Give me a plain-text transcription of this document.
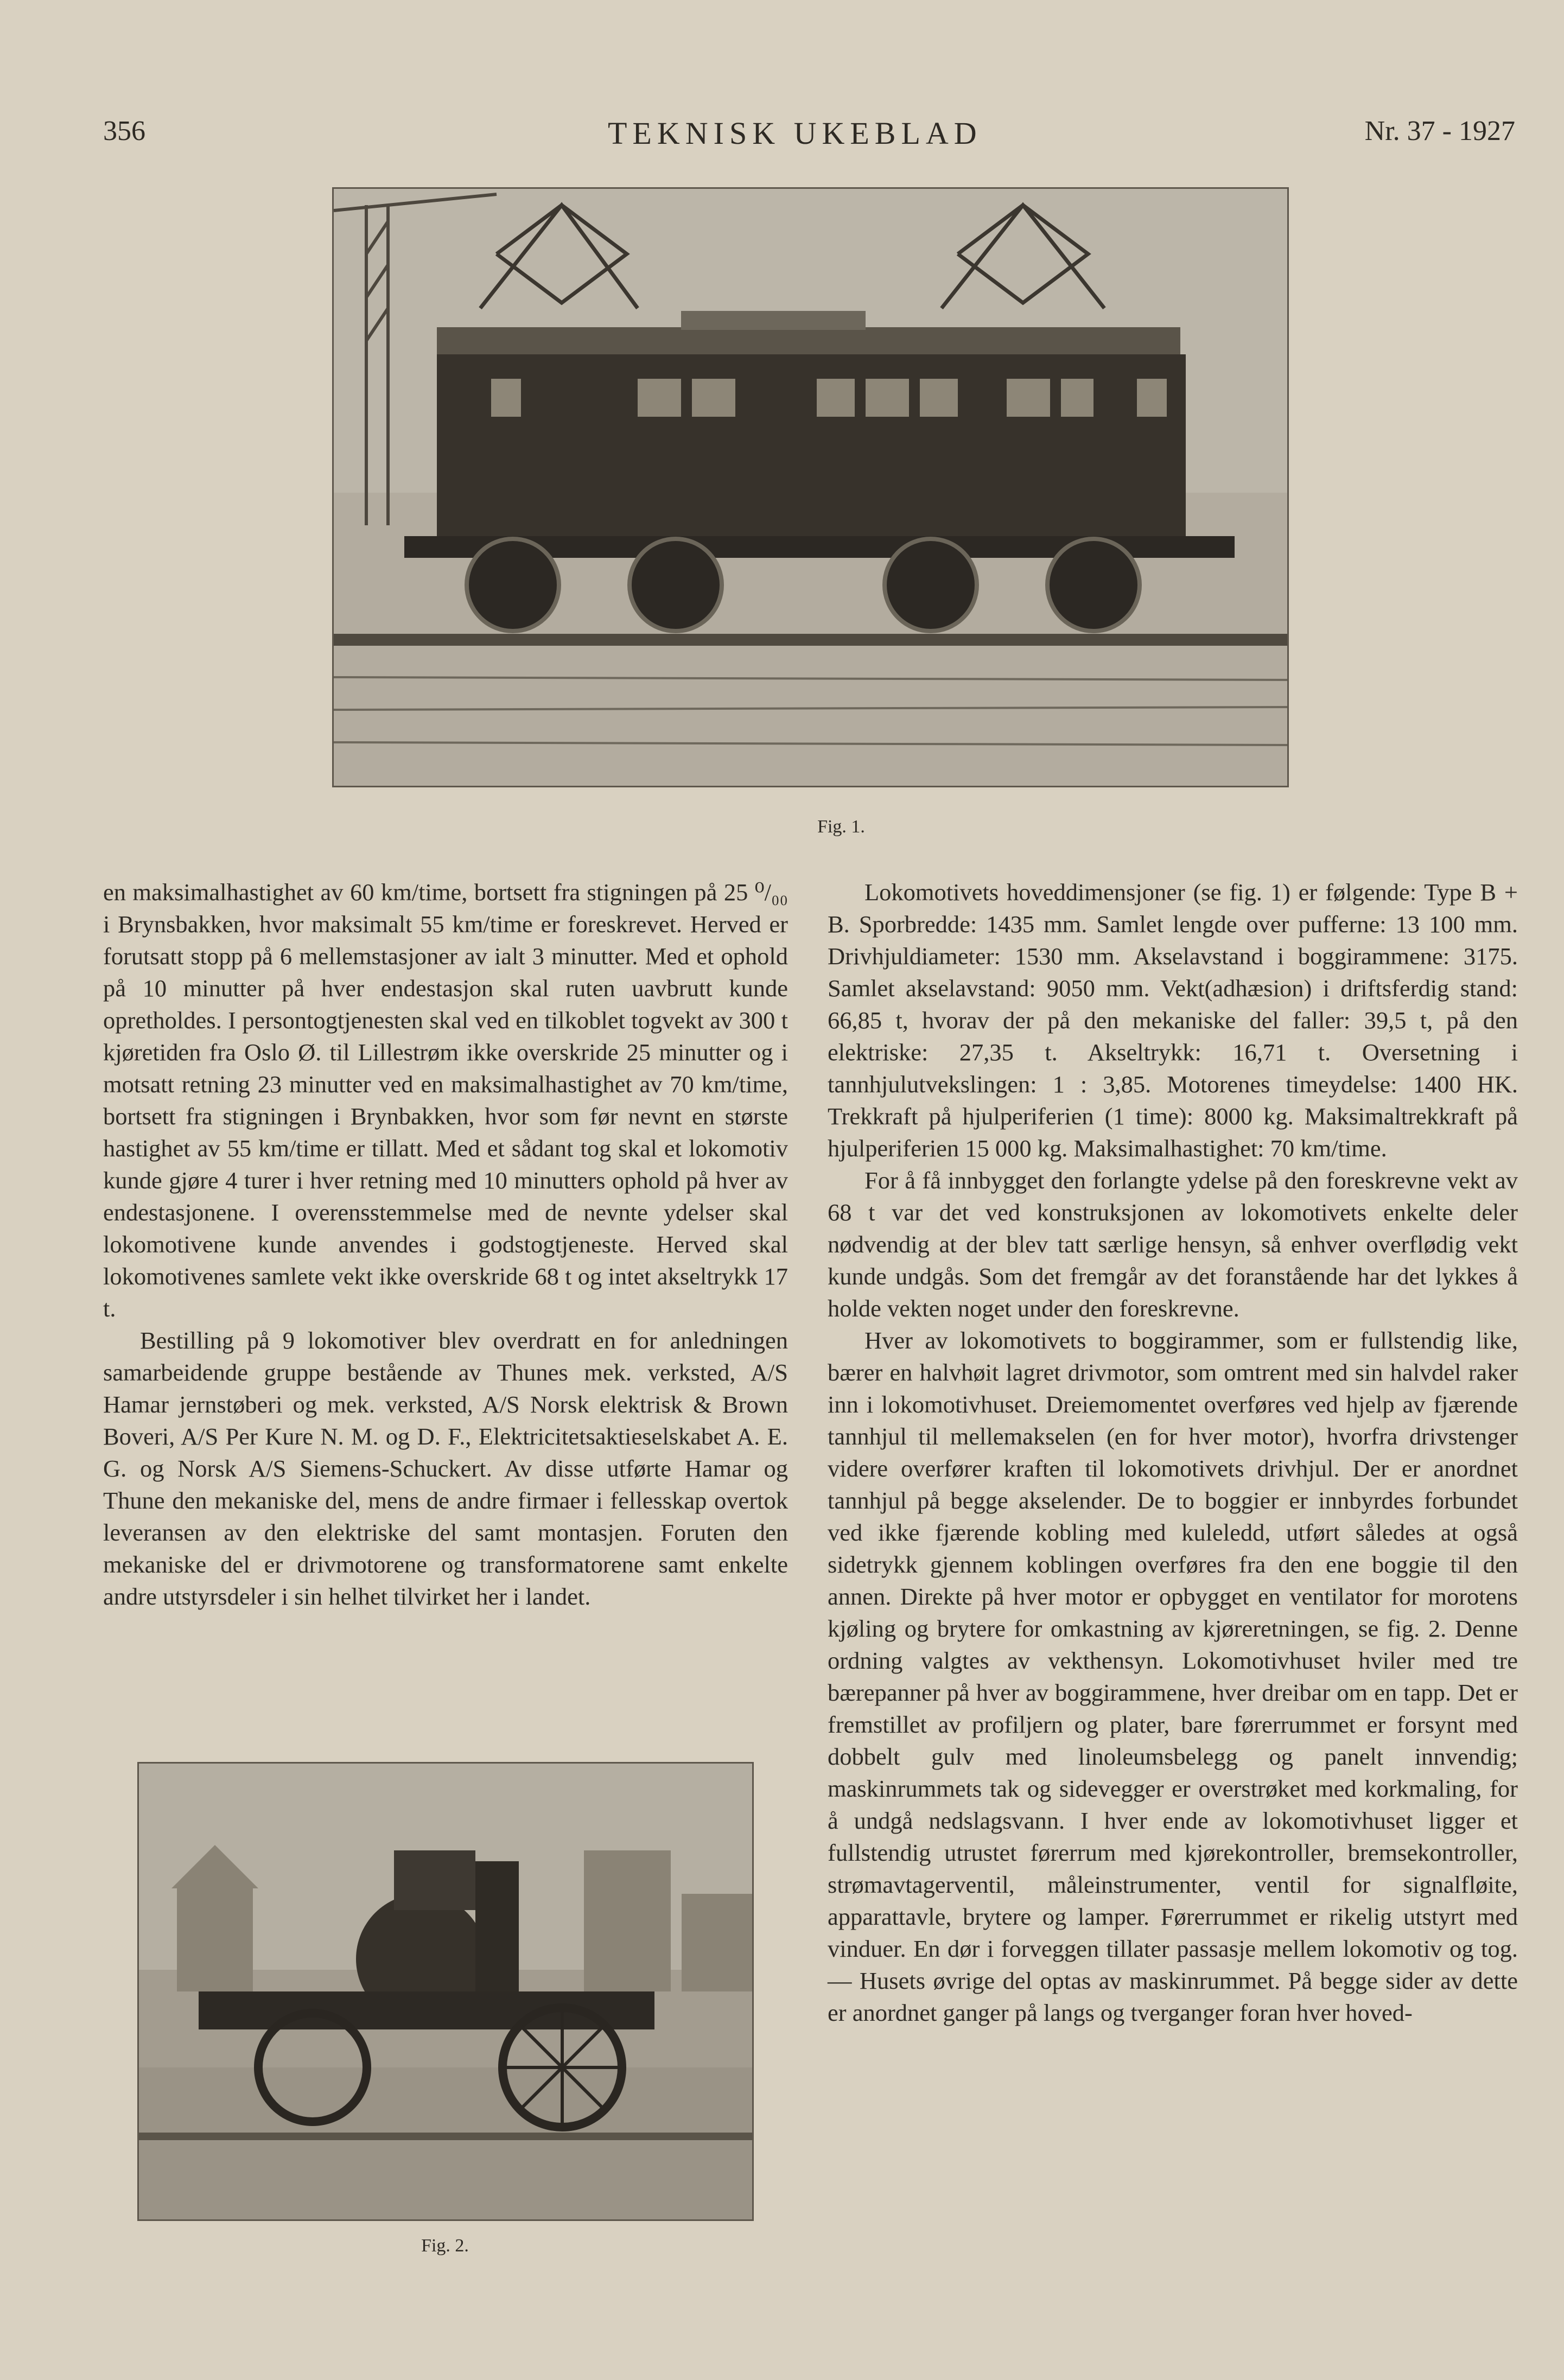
356	TEKNISK UKEBLAD	Nr. 37 - 1927
Fig. 1.

en maksimalhastighet av 60 km/time, bortsett fra stigningen på 25 ⁰/₀₀ i Brynsbakken, hvor maksimalt 55 km/time er foreskrevet. Herved er forutsatt stopp på 6 mellemstasjoner av ialt 3 minutter. Med et ophold på 10 minutter på hver endestasjon skal ruten uavbrutt kunde opretholdes. I persontogtjenesten skal ved en tilkoblet togvekt av 300 t kjøretiden fra Oslo Ø. til Lillestrøm ikke overskride 25 minutter og i motsatt retning 23 minutter ved en maksimalhastighet av 70 km/time, bortsett fra stigningen i Brynbakken, hvor som før nevnt en største hastighet av 55 km/time er tillatt. Med et sådant tog skal et lokomotiv kunde gjøre 4 turer i hver retning med 10 minutters ophold på hver av endestasjonene. I overensstemmelse med de nevnte ydelser skal lokomotivene kunde anvendes i godstogtjeneste. Herved skal lokomotivenes samlete vekt ikke overskride 68 t og intet akseltrykk 17 t.

Bestilling på 9 lokomotiver blev overdratt en for anledningen samarbeidende gruppe bestående av Thunes mek. verksted, A/S Hamar jernstøberi og mek. verksted, A/S Norsk elektrisk & Brown Boveri, A/S Per Kure N. M. og D. F., Elektricitetsaktieselskabet A. E. G. og Norsk A/S Siemens-Schuckert. Av disse utførte Hamar og Thune den mekaniske del, mens de andre firmaer i fellesskap overtok leveransen av den elektriske del samt montasjen. Foruten den mekaniske del er drivmotorene og transformatorene samt enkelte andre utstyrsdeler i sin helhet tilvirket her i landet.

Fig. 2.

Lokomotivets hoveddimensjoner (se fig. 1) er følgende: Type B + B. Sporbredde: 1435 mm. Samlet lengde over pufferne: 13 100 mm. Drivhjuldiameter: 1530 mm. Akselavstand i boggirammene: 3175. Samlet akselavstand: 9050 mm. Vekt(adhæsion) i driftsferdig stand: 66,85 t, hvorav der på den mekaniske del faller: 39,5 t, på den elektriske: 27,35 t. Akseltrykk: 16,71 t. Oversetning i tannhjulutvekslingen: 1 : 3,85. Motorenes timeydelse: 1400 HK. Trekkraft på hjulperiferien (1 time): 8000 kg. Maksimaltrekkraft på hjulperiferien 15 000 kg. Maksimalhastighet: 70 km/time.

For å få innbygget den forlangte ydelse på den foreskrevne vekt av 68 t var det ved konstruksjonen av lokomotivets enkelte deler nødvendig at der blev tatt særlige hensyn, så enhver overflødig vekt kunde undgås. Som det fremgår av det foranstående har det lykkes å holde vekten noget under den foreskrevne.

Hver av lokomotivets to boggirammer, som er fullstendig like, bærer en halvhøit lagret drivmotor, som omtrent med sin halvdel raker inn i lokomotivhuset. Dreiemomentet overføres ved hjelp av fjærende tannhjul til mellemakselen (en for hver motor), hvorfra drivstenger videre overfører kraften til lokomotivets drivhjul. Der er anordnet tannhjul på begge akselender. De to boggier er innbyrdes forbundet ved ikke fjærende kobling med kuleledd, utført således at også sidetrykk gjennem koblingen overføres fra den ene boggie til den annen. Direkte på hver motor er opbygget en ventilator for morotens kjøling og brytere for omkastning av kjøreretningen, se fig. 2. Denne ordning valgtes av vekthensyn. Lokomotivhuset hviler med tre bærepanner på hver av boggirammene, hver dreibar om en tapp. Det er fremstillet av profiljern og plater, bare førerrummet er forsynt med dobbelt gulv med linoleumsbelegg og panelt innvendig; maskinrummets tak og sidevegger er overstrøket med korkmaling, for å undgå nedslagsvann. I hver ende av lokomotivhuset ligger et fullstendig utrustet førerrum med kjørekontroller, bremsekontroller, strømavtagerventil, måleinstrumenter, ventil for signalfløite, apparattavle, brytere og lamper. Førerrummet er rikelig utstyrt med vinduer. En dør i forveggen tillater passasje mellem lokomotiv og tog. — Husets øvrige del optas av maskinrummet. På begge sider av dette er anordnet ganger på langs og tverganger foran hver hoved-
